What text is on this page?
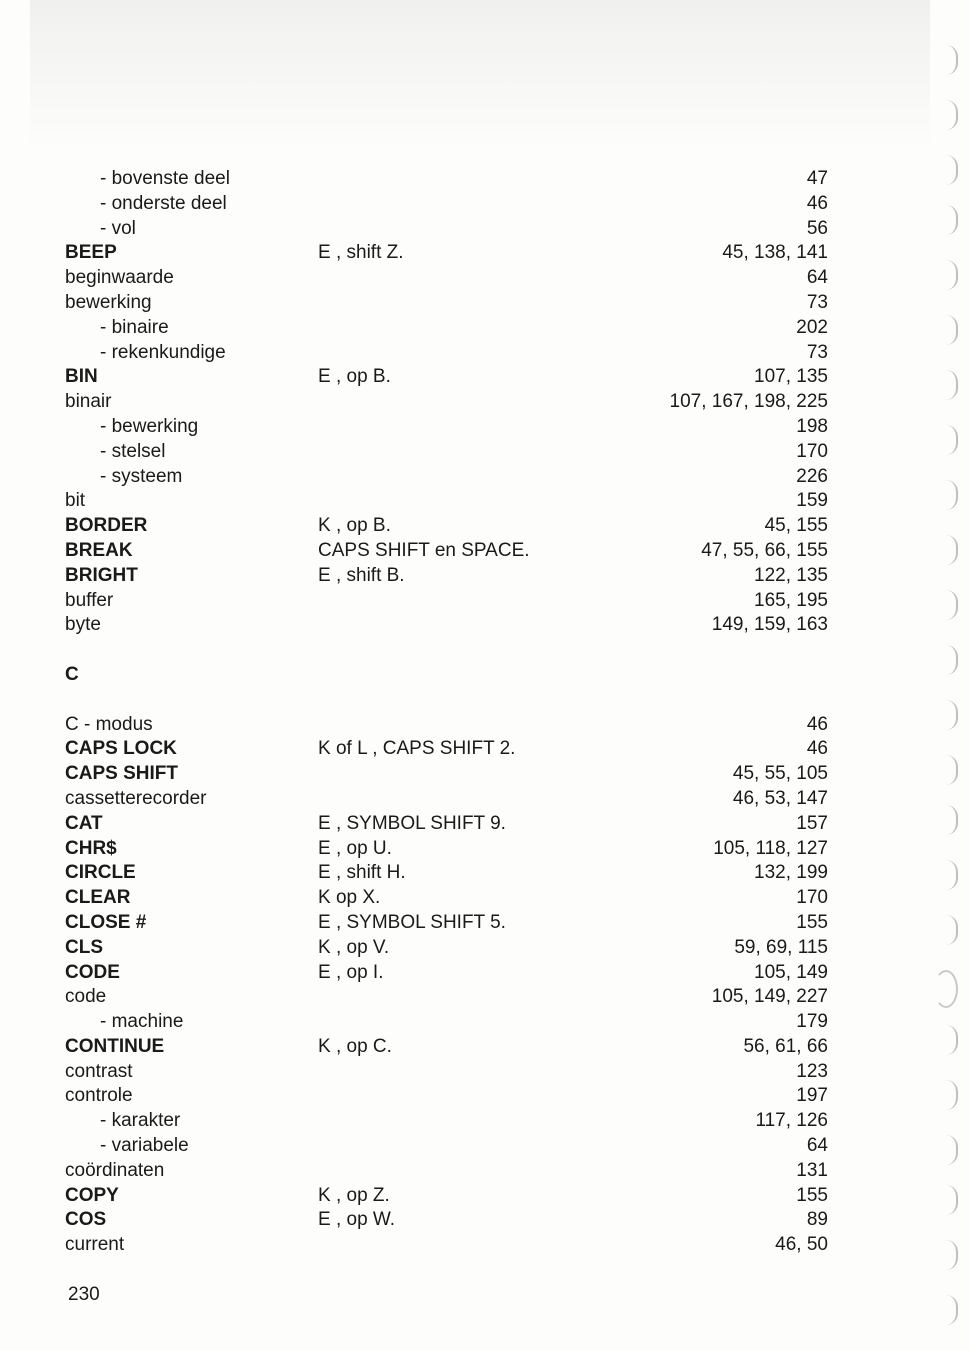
- bovenste deel	47
- onderste deel	46
- vol	56
BEEP	E , shift Z.	45, 138, 141
beginwaarde	64
bewerking	73
- binaire	202
- rekenkundige	73
BIN	E , op B.	107, 135
binair	107, 167, 198, 225
- bewerking	198
- stelsel	170
- systeem	226
bit	159
BORDER	K , op B.	45, 155
BREAK	CAPS SHIFT en SPACE.	47, 55, 66, 155
BRIGHT	E , shift B.	122, 135
buffer	165, 195
byte	149, 159, 163
C
C - modus	46
CAPS LOCK	K of L , CAPS SHIFT 2.	46
CAPS SHIFT	45, 55, 105
cassetterecorder	46, 53, 147
CAT	E , SYMBOL SHIFT 9.	157
CHR$	E , op U.	105, 118, 127
CIRCLE	E , shift H.	132, 199
CLEAR	K op X.	170
CLOSE #	E , SYMBOL SHIFT 5.	155
CLS	K , op V.	59, 69, 115
CODE	E , op I.	105, 149
code	105, 149, 227
- machine	179
CONTINUE	K , op C.	56, 61, 66
contrast	123
controle	197
- karakter	117, 126
- variabele	64
coördinaten	131
COPY	K , op Z.	155
COS	E , op W.	89
current	46, 50
230
